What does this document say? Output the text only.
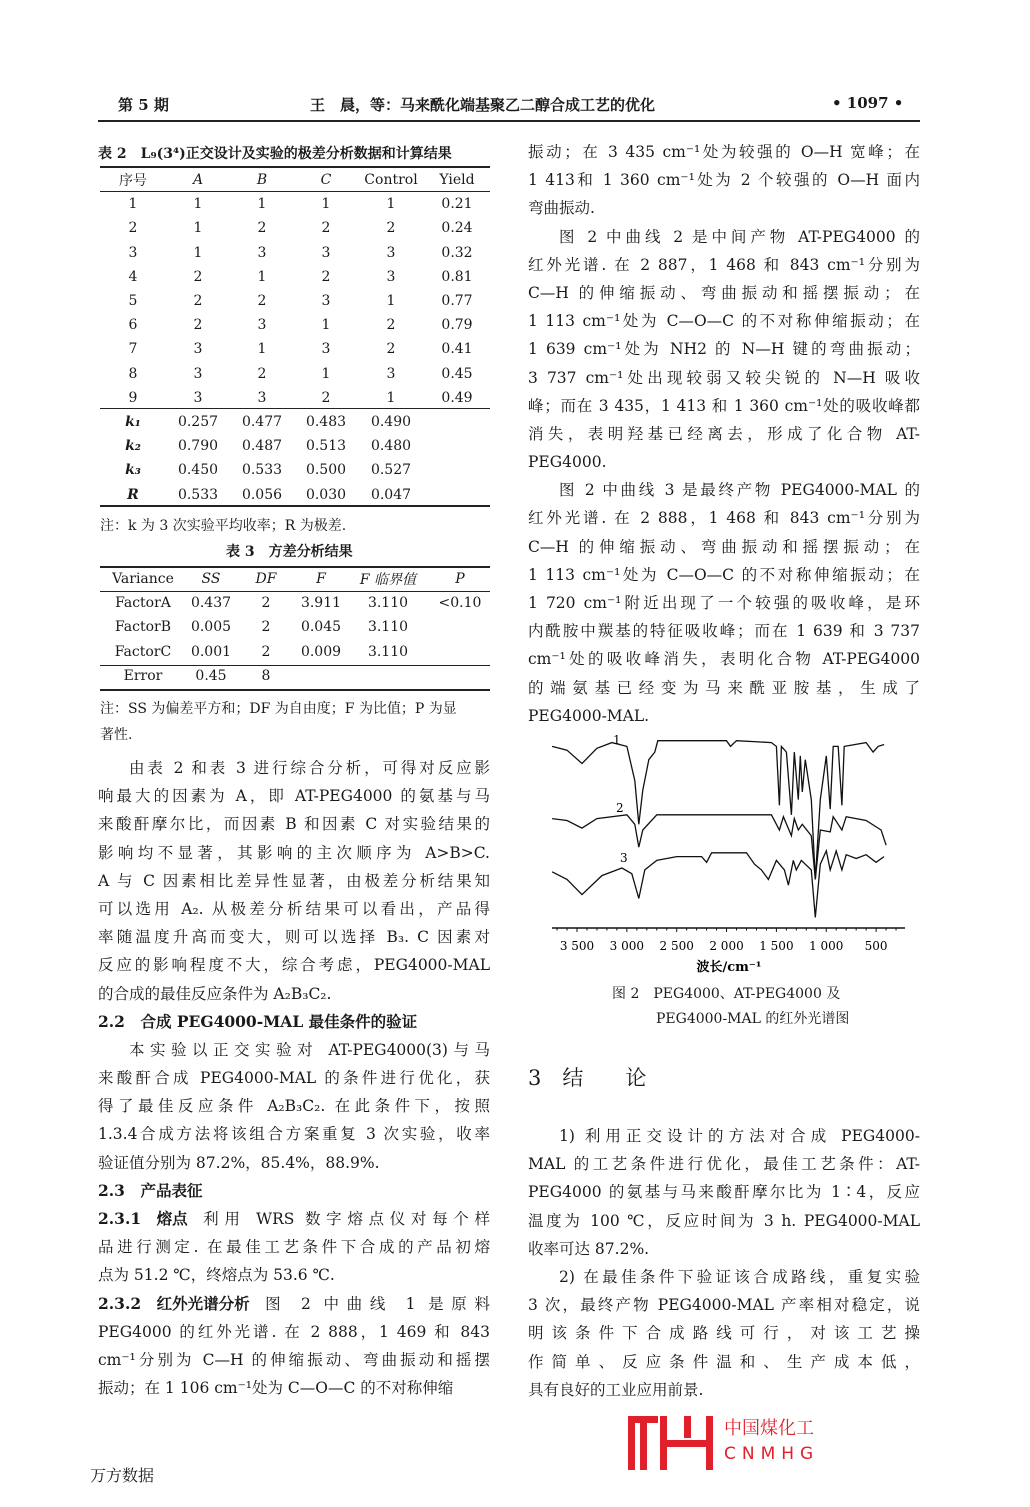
第 5 期	王　晨，等：马来酰化端基聚乙二醇合成工艺的优化	• 1097 •
表 2　L₉(3⁴)正交设计及实验的极差分析数据和计算结果
序号	A	B	C	Control	Yield
1	1	1	1	1	0.21
2	1	2	2	2	0.24
3	1	3	3	3	0.32
4	2	1	2	3	0.81
5	2	2	3	1	0.77
6	2	3	1	2	0.79
7	3	1	3	2	0.41
8	3	2	1	3	0.45
9	3	3	2	1	0.49
k₁	0.257	0.477	0.483	0.490	
k₂	0.790	0.487	0.513	0.480	
k₃	0.450	0.533	0.500	0.527	
R	0.533	0.056	0.030	0.047	
注：k 为 3 次实验平均收率；R 为极差.
表 3　方差分析结果
Variance	SS	DF	F	F 临界值	P
FactorA	0.437	2	3.911	3.110	<0.10
FactorB	0.005	2	0.045	3.110	
FactorC	0.001	2	0.009	3.110	
Error	0.45	8			
注：SS 为偏差平方和；DF 为自由度；F 为比值；P 为显
著性.
由表 2 和表 3 进行综合分析，可得对反应影
响最大的因素为 A，即 AT-PEG4000 的氨基与马
来酸酐摩尔比，而因素 B 和因素 C 对实验结果的
影响均不显著，其影响的主次顺序为 A>B>C.
A 与 C 因素相比差异性显著，由极差分析结果知
可以选用 A₂. 从极差分析结果可以看出，产品得
率随温度升高而变大，则可以选择 B₃. C 因素对
反应的影响程度不大，综合考虑，PEG4000-MAL
的合成的最佳反应条件为 A₂B₃C₂.
2.2　合成 PEG4000-MAL 最佳条件的验证
本实验以正交实验对 AT-PEG4000(3)与马
来酸酐合成 PEG4000-MAL 的条件进行优化，获
得了最佳反应条件 A₂B₃C₂. 在此条件下，按照
1.3.4合成方法将该组合方案重复 3 次实验，收率
验证值分别为 87.2%，85.4%，88.9%.
2.3　产品表征
2.3.1　熔点　 利用 WRS 数字熔点仪对每个样
品进行测定. 在最佳工艺条件下合成的产品初熔
点为 51.2 ℃，终熔点为 53.6 ℃.
2.3.2　红外光谱分析　 图 2 中曲线 1 是原料
PEG4000 的红外光谱. 在 2 888，1 469 和 843
cm⁻¹分别为 C—H 的伸缩振动、弯曲振动和摇摆
振动；在 1 106 cm⁻¹处为 C—O—C 的不对称伸缩
振动；在 3 435 cm⁻¹处为较强的 O—H 宽峰；在
1 413和 1 360 cm⁻¹处为 2 个较强的 O—H 面内
弯曲振动.
图 2 中曲线 2 是中间产物 AT-PEG4000 的
红外光谱. 在 2 887，1 468 和 843 cm⁻¹分别为
C—H 的伸缩振动、弯曲振动和摇摆振动；在
1 113 cm⁻¹处为 C—O—C 的不对称伸缩振动；在
1 639 cm⁻¹处为 NH2 的 N—H 键的弯曲振动；
3 737 cm⁻¹处出现较弱又较尖锐的 N—H 吸收
峰；而在 3 435，1 413 和 1 360 cm⁻¹处的吸收峰都
消失，表明羟基已经离去，形成了化合物 AT-
PEG4000.
图 2 中曲线 3 是最终产物 PEG4000-MAL 的
红外光谱. 在 2 888，1 468 和 843 cm⁻¹分别为
C—H 的伸缩振动、弯曲振动和摇摆振动；在
1 113 cm⁻¹处为 C—O—C 的不对称伸缩振动；在
1 720 cm⁻¹附近出现了一个较强的吸收峰，是环
内酰胺中羰基的特征吸收峰；而在 1 639 和 3 737
cm⁻¹处的吸收峰消失，表明化合物 AT-PEG4000
的端氨基已经变为马来酰亚胺基，生成了
PEG4000-MAL.
3　结　　论
1) 利用正交设计的方法对合成 PEG4000-
MAL 的工艺条件进行优化，最佳工艺条件：AT-
PEG4000 的氨基与马来酸酐摩尔比为 1∶4，反应
温度为 100 ℃，反应时间为 3 h. PEG4000-MAL
收率可达 87.2%.
2) 在最佳条件下验证该合成路线，重复实验
3 次，最终产物 PEG4000-MAL 产率相对稳定，说
明该条件下合成路线可行，对该工艺操
作简单、反应条件温和、生产成本低，
具有良好的工业应用前景.
1
2
3
3 500 3 000 2 500 2 000 1 500 1 000 500
波长/cm⁻¹
图 2　PEG4000、AT-PEG4000 及
PEG4000-MAL 的红外光谱图
中国煤化工
CNMHG
万方数据
